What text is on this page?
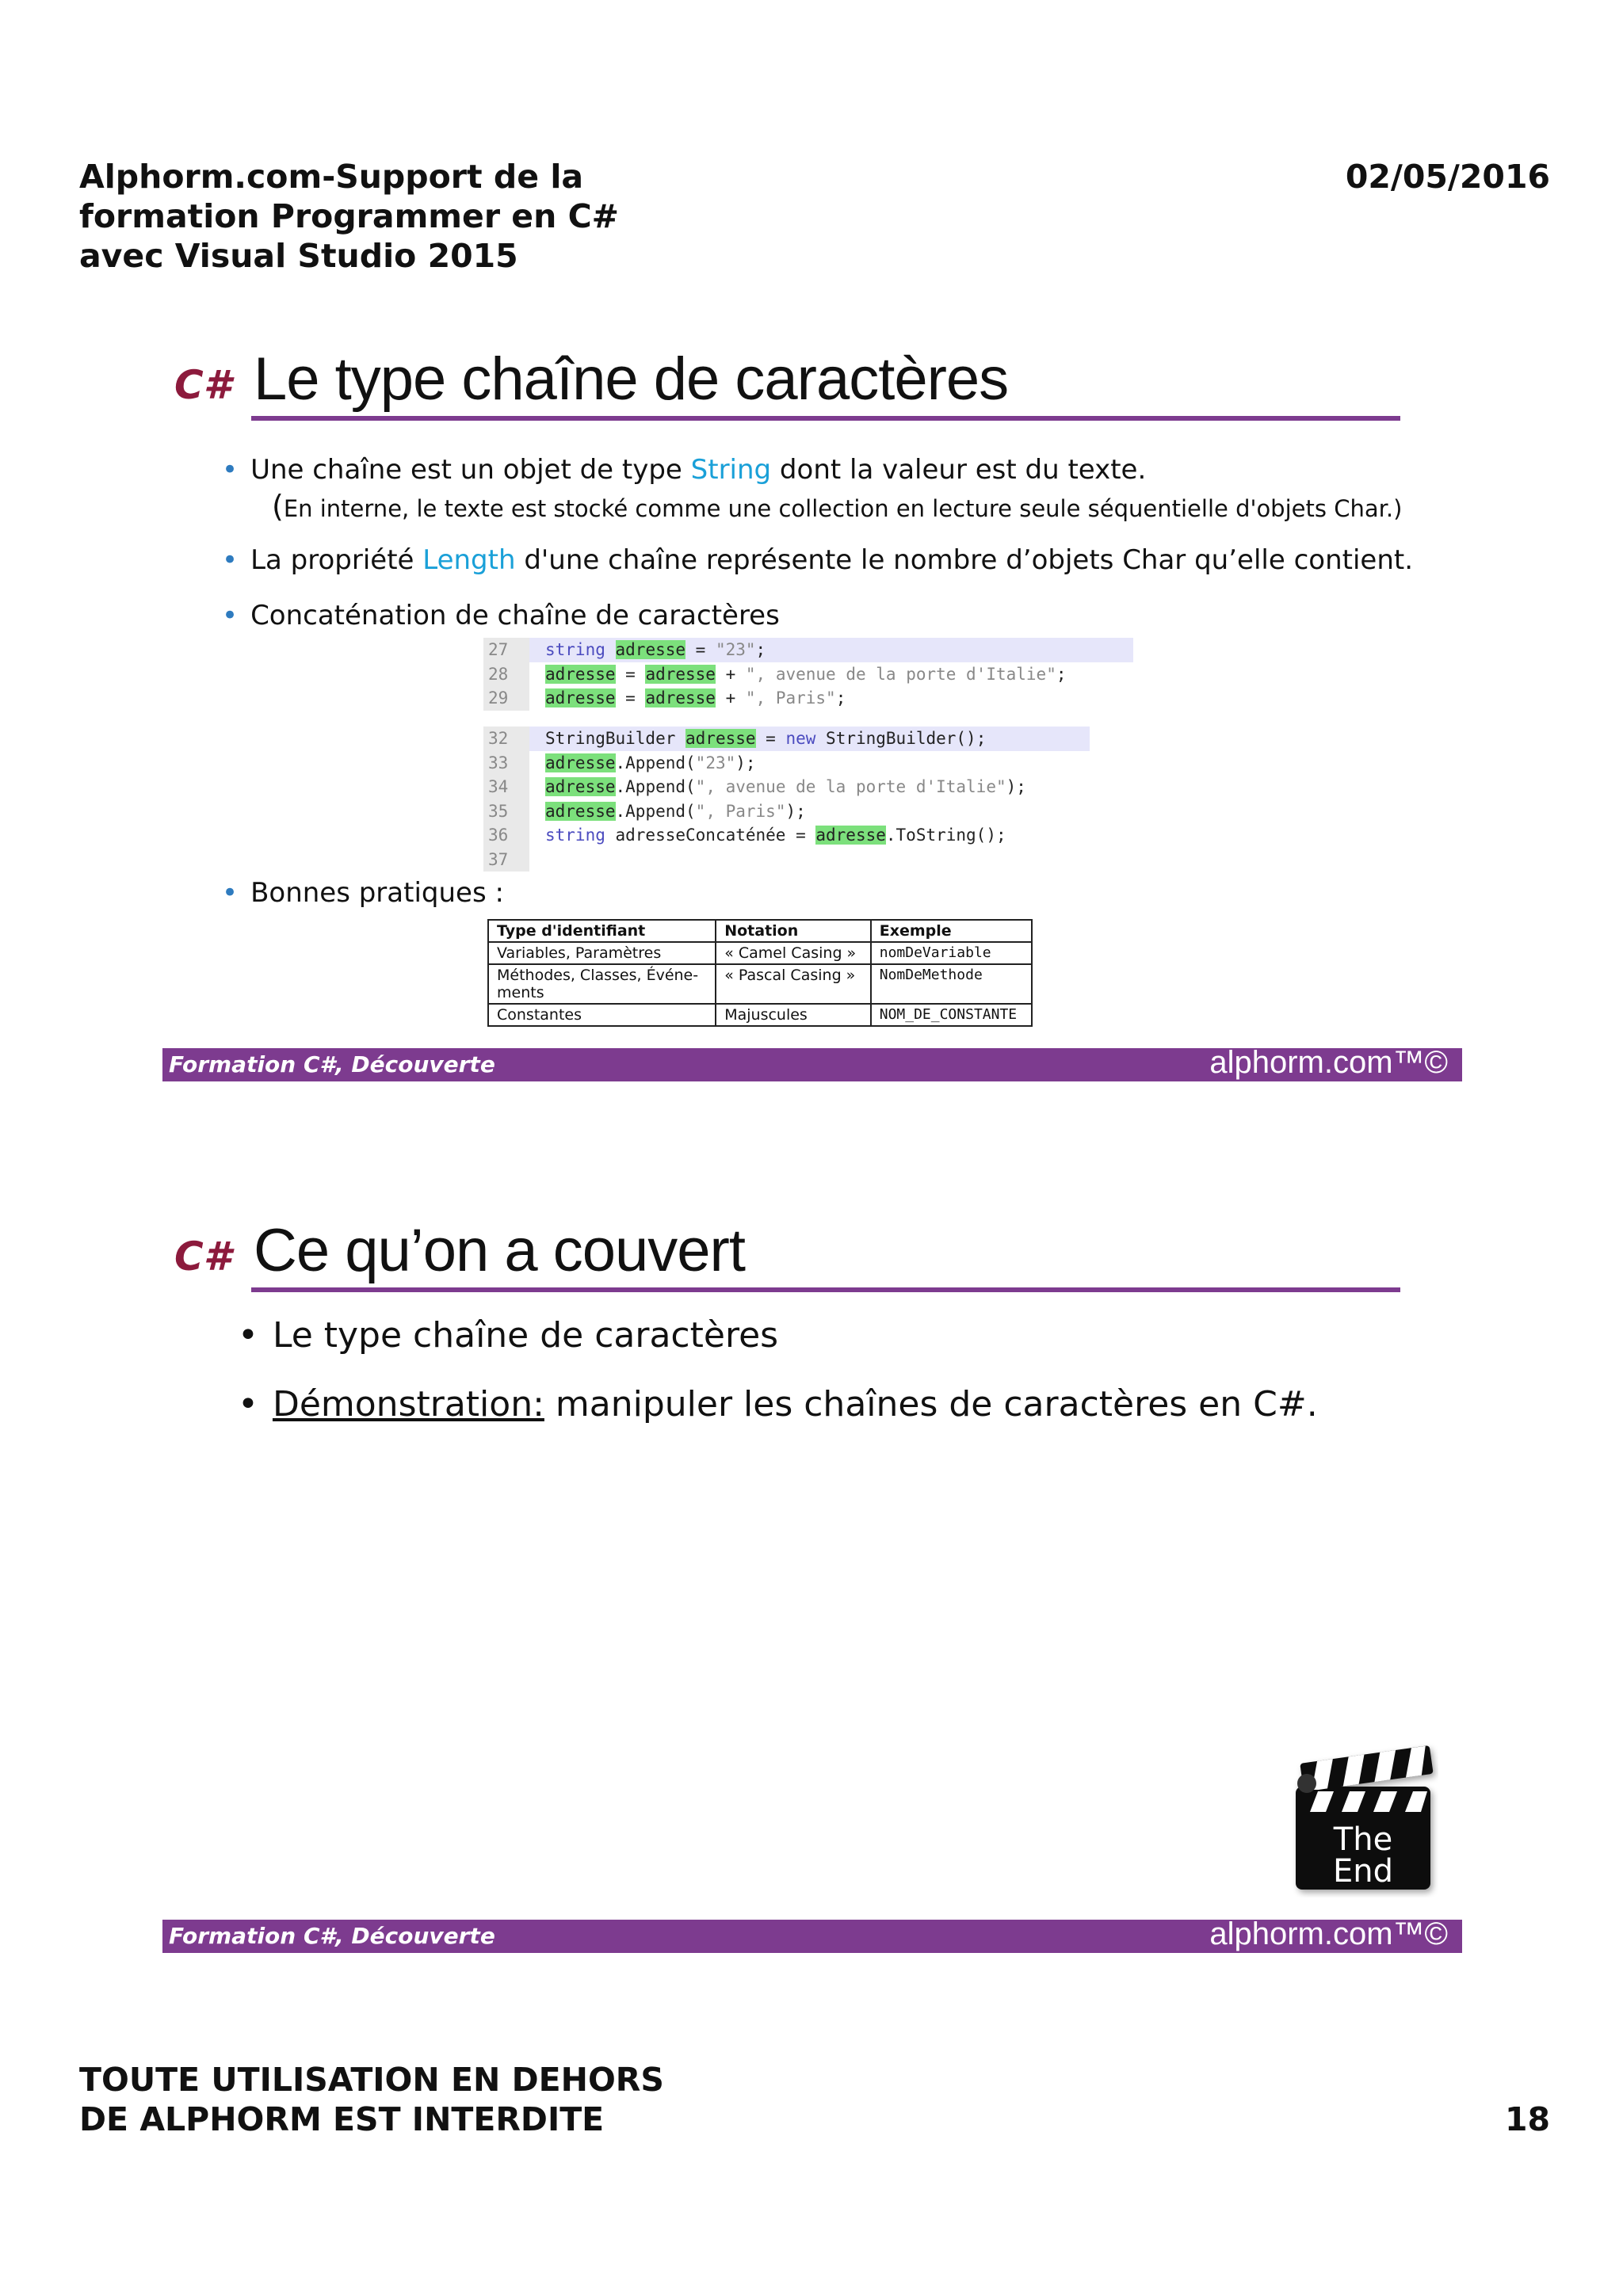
Alphorm.com-Support de la
formation Programmer en C#
avec Visual Studio 2015
02/05/2016
C# Le type chaîne de caractères
• Une chaîne est un objet de type String dont la valeur est du texte.
(En interne, le texte est stocké comme une collection en lecture seule séquentielle d'objets Char.)
• La propriété Length d'une chaîne représente le nombre d’objets Char qu’elle contient.
• Concaténation de chaîne de caractères
27 string adresse = "23";
28 adresse = adresse + ", avenue de la porte d'Italie";
29 adresse = adresse + ", Paris";
32 StringBuilder adresse = new StringBuilder();
33 adresse.Append("23");
34 adresse.Append(", avenue de la porte d'Italie");
35 adresse.Append(", Paris");
36 string adresseConcaténée = adresse.ToString();
37
• Bonnes pratiques :
Type d'identifiant	Notation	Exemple
Variables, Paramètres	« Camel Casing »	nomDeVariable
Méthodes, Classes, Événe-
ments	« Pascal Casing »	NomDeMethode
Constantes	Majuscules	NOM_DE_CONSTANTE
Formation C#, Découverte	alphorm.com™©
C# Ce qu’on a couvert
• Le type chaîne de caractères
• Démonstration: manipuler les chaînes de caractères en C#.
The
End
Formation C#, Découverte	alphorm.com™©
TOUTE UTILISATION EN DEHORS
DE ALPHORM EST INTERDITE	18
